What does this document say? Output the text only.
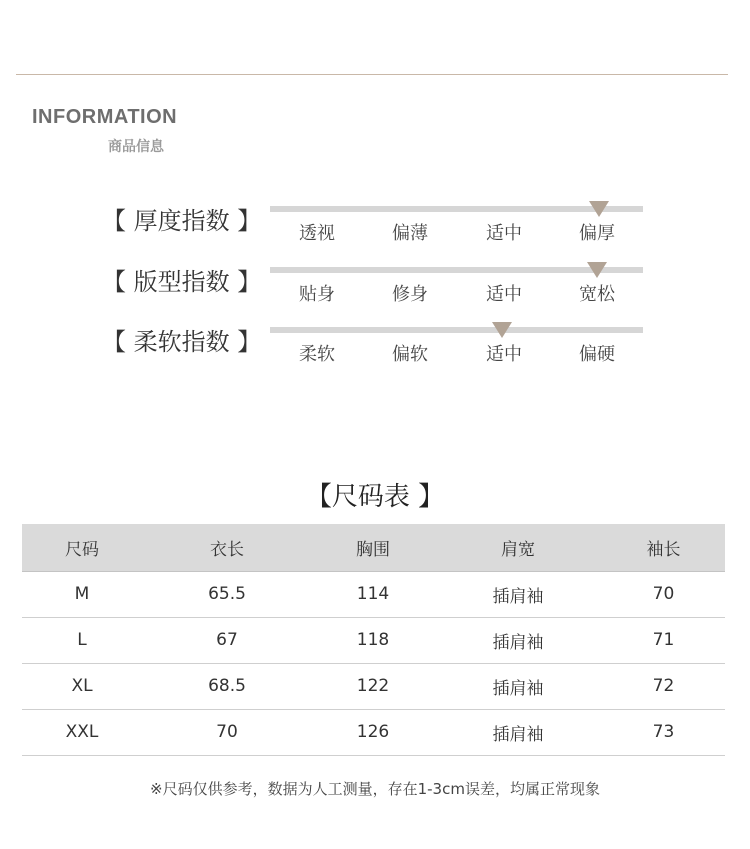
INFORMATION
商品信息
【 厚度指数 】	透视	偏薄	适中	偏厚
【 版型指数 】	贴身	修身	适中	宽松
【 柔软指数 】	柔软	偏软	适中	偏硬
【尺码表 】
尺码	衣长	胸围	肩宽	袖长
M	65.5	114	插肩袖	70
L	67	118	插肩袖	71
XL	68.5	122	插肩袖	72
XXL	70	126	插肩袖	73
※尺码仅供参考，数据为人工测量，存在1-3cm误差，均属正常现象
